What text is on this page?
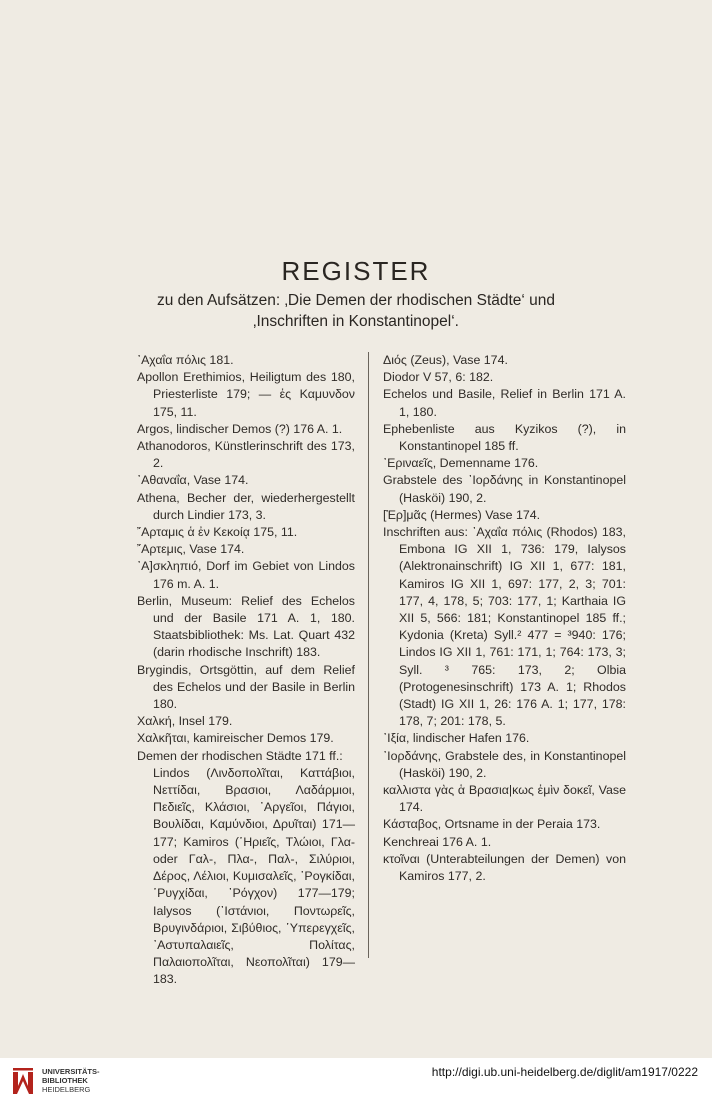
REGISTER
zu den Aufsätzen: ‚Die Demen der rhodischen Städte‘ und
‚Inschriften in Konstantinopel‘.
᾿Αχαΐα πόλις 181.
Apollon Erethimios, Heiligtum des 180, Priesterliste 179; — ἐς Καμυνδον 175, 11.
Argos, lindischer Demos (?) 176 A. 1.
Athanodoros, Künstlerinschrift des 173, 2.
᾿Αθαναΐα, Vase 174.
Athena, Becher der, wiederhergestellt durch Lindier 173, 3.
῎Αρταμις ἁ ἐν Κεκοίᾳ 175, 11.
῎Αρτεμις, Vase 174.
᾿Α]σκληπιό, Dorf im Gebiet von Lindos 176 m. A. 1.
Berlin, Museum: Relief des Echelos und der Basile 171 A. 1, 180. Staatsbibliothek: Ms. Lat. Quart 432 (darin rhodische Inschrift) 183.
Brygindis, Ortsgöttin, auf dem Relief des Echelos und der Basile in Berlin 180.
Χαλκή, Insel 179.
Χαλκῆται, kamireischer Demos 179.
Demen der rhodischen Städte 171 ff.:
Lindos (Λινδοπολῖται, Καττάβιοι, Νεττίδαι, Βρασιοι, Λαδάρμιοι, Πεδιεῖς, Κλάσιοι, ᾿Αργεῖοι, Πάγιοι, Βουλίδαι, Καμύνδιοι, Δρυῖται) 171—177; Kamiros (῾Ηριεῖς, Τλώιοι, Γλα- oder Γαλ-, Πλα-, Παλ-, Σιλύριοι, Δέρος, Λέλιοι, Κυμισαλεῖς, ῾Ρογκίδαι, ῾Ρυγχίδαι, ῾Ρόγχον) 177—179; Ialysos (᾿Ιστάνιοι, Ποντωρεῖς, Βρυγινδάριοι, Σιβύθιος, ῾Υπερεγχεῖς, ᾿Αστυπαλαιεῖς, Πολίτας, Παλαιοπολῖται, Νεοπολῖται) 179—183.
Διός (Zeus), Vase 174.
Diodor V 57, 6: 182.
Echelos und Basile, Relief in Berlin 171 A. 1, 180.
Ephebenliste aus Kyzikos (?), in Konstantinopel 185 ff.
᾿Εριναεῖς, Demenname 176.
Grabstele des ᾿Ιορδάνης in Konstantinopel (Hasköi) 190, 2.
[Ἑρ]μᾶς (Hermes) Vase 174.
Inschriften aus: ᾿Αχαΐα πόλις (Rhodos) 183, Embona IG XII 1, 736: 179, Ialysos (Alektronainschrift) IG XII 1, 677: 181, Kamiros IG XII 1, 697: 177, 2, 3; 701: 177, 4, 178, 5; 703: 177, 1; Karthaia IG XII 5, 566: 181; Konstantinopel 185 ff.; Kydonia (Kreta) Syll.² 477 = ³940: 176; Lindos IG XII 1, 761: 171, 1; 764: 173, 3; Syll. ³ 765: 173, 2; Olbia (Protogenesinschrift) 173 A. 1; Rhodos (Stadt) IG XII 1, 26: 176 A. 1; 177, 178: 178, 7; 201: 178, 5.
᾿Ιξία, lindischer Hafen 176.
᾿Ιορδάνης, Grabstele des, in Konstantinopel (Hasköi) 190, 2.
καλλιστα γὰς ἁ Βρασια|κως ἐμὶν δοκεῖ, Vase 174.
Κάσταβος, Ortsname in der Peraia 173.
Kenchreai 176 A. 1.
κτοῖναι (Unterabteilungen der Demen) von Kamiros 177, 2.
UNIVERSITÄTS-
BIBLIOTHEK
HEIDELBERG
http://digi.ub.uni-heidelberg.de/diglit/am1917/0222
